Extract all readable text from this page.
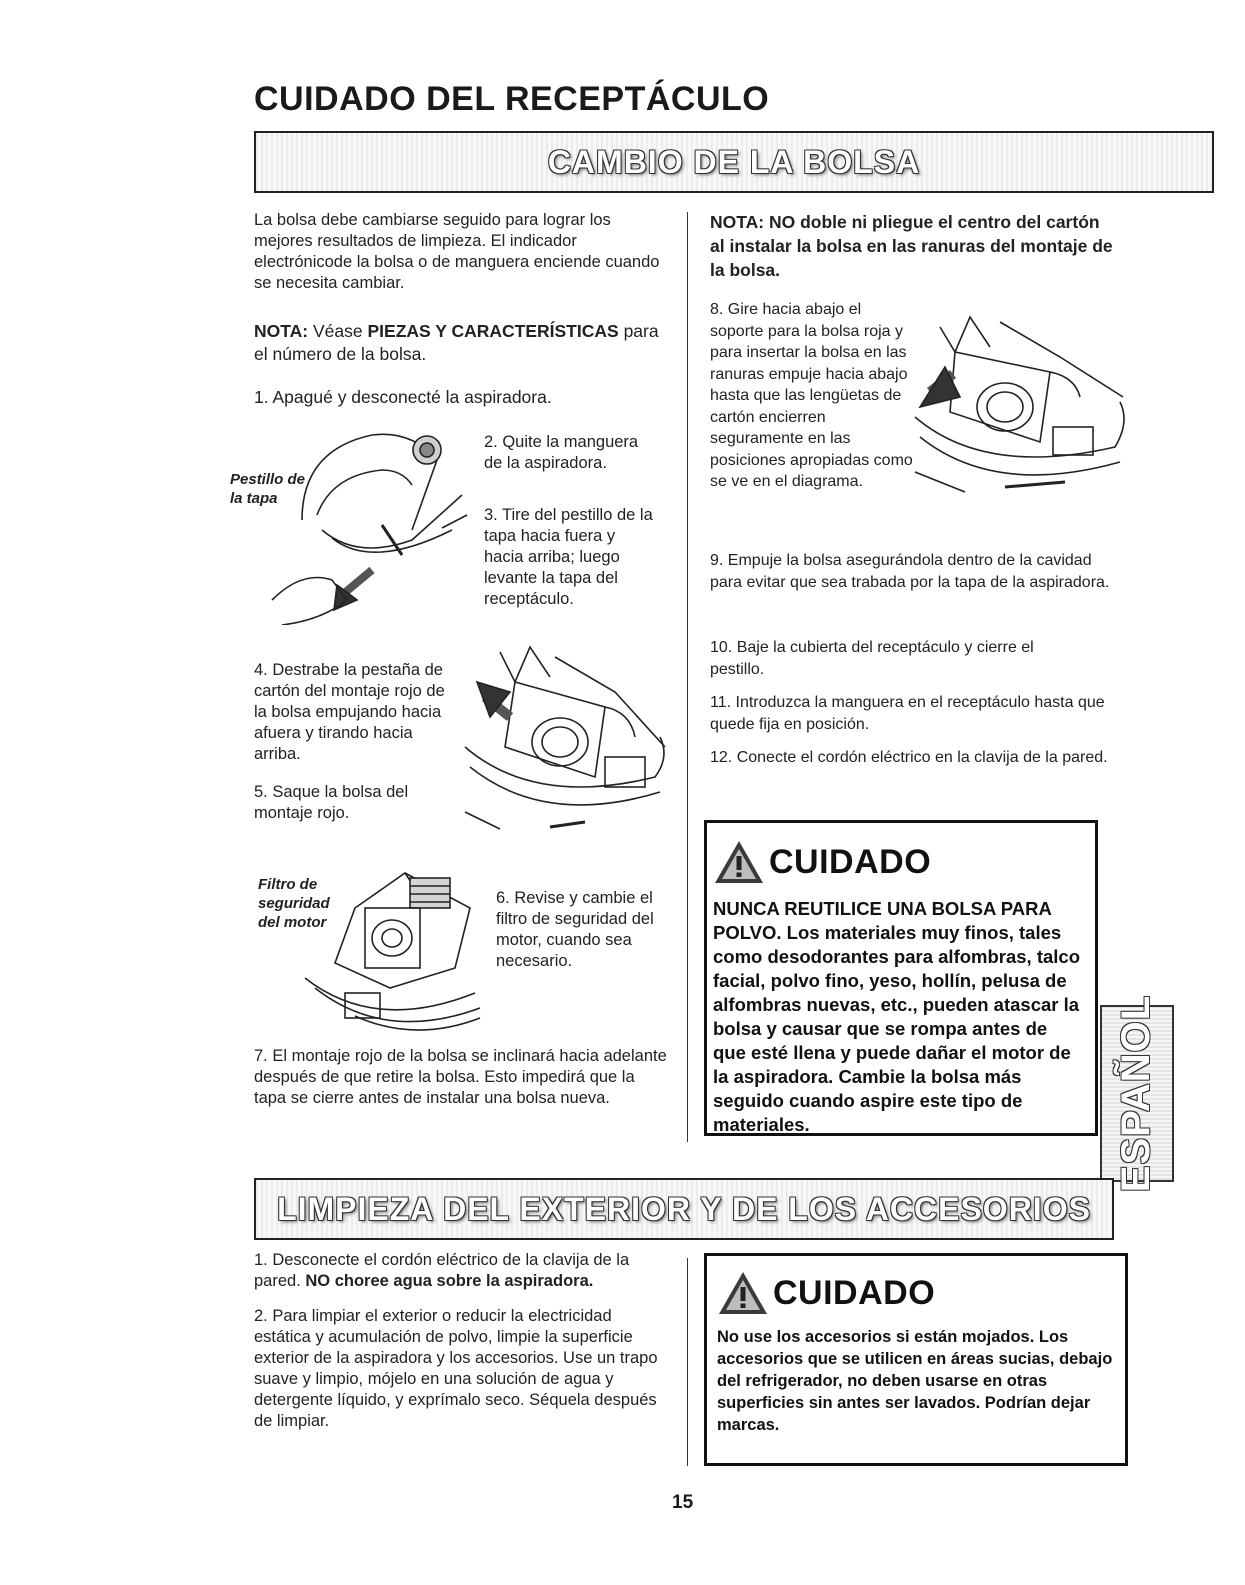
CUIDADO DEL RECEPTÁCULO
CAMBIO DE LA BOLSA
La bolsa debe cambiarse seguido para lograr los mejores resultados de limpieza. El indicador electrónicode la bolsa o de manguera enciende cuando se necesita cambiar.
NOTA: Véase PIEZAS Y CARACTERÍSTICAS para el número de la bolsa.
1. Apagué y desconecté la aspiradora.
Pestillo de la tapa
2. Quite la manguera de la aspiradora.
3. Tire del pestillo de la tapa hacia fuera y hacia arriba; luego levante la tapa del receptáculo.
4. Destrabe la pestaña de cartón del montaje rojo de la bolsa empujando hacia afuera y tirando hacia arriba.
5. Saque la bolsa del montaje rojo.
Filtro de seguridad del motor
6. Revise y cambie el filtro de seguridad del motor, cuando sea necesario.
7. El montaje rojo de la bolsa se inclinará hacia adelante después de que retire la bolsa. Esto impedirá que la tapa se cierre antes de instalar una bolsa nueva.
NOTA: NO doble ni pliegue el centro del cartón al instalar la bolsa en las ranuras del montaje de la bolsa.
8. Gire hacia abajo el soporte para la bolsa roja y para insertar la bolsa en las ranuras empuje hacia abajo hasta que las lengüetas de cartón encierren seguramente en las posiciones apropiadas como se ve en el diagrama.
9. Empuje la bolsa asegurándola dentro de la cavidad para evitar que sea trabada por la tapa de la aspiradora.
10. Baje la cubierta del receptáculo y cierre el pestillo.
11. Introduzca la manguera en el receptáculo hasta que quede fija en posición.
12. Conecte el cordón eléctrico en la clavija de la pared.
CUIDADO
NUNCA REUTILICE UNA BOLSA PARA POLVO. Los materiales muy finos, tales como desodorantes para alfombras, talco facial, polvo fino, yeso, hollín, pelusa de alfombras nuevas, etc., pueden atascar la bolsa y causar que se rompa antes de que esté llena y puede dañar el motor de la aspiradora. Cambie la bolsa más seguido cuando aspire este tipo de materiales.	ESPAÑOL
LIMPIEZA DEL EXTERIOR Y DE LOS ACCESORIOS
1. Desconecte el cordón eléctrico de la clavija de la pared. NO choree agua sobre la aspiradora.
2. Para limpiar el exterior o reducir la electricidad estática y acumulación de polvo, limpie la superficie exterior de la aspiradora y los accesorios. Use un trapo suave y limpio, mójelo en una solución de agua y detergente líquido, y exprímalo seco. Séquela después de limpiar.
CUIDADO
No use los accesorios si están mojados. Los accesorios que se utilicen en áreas sucias, debajo del refrigerador, no deben usarse en otras superficies sin antes ser lavados. Podrían dejar marcas.
15
